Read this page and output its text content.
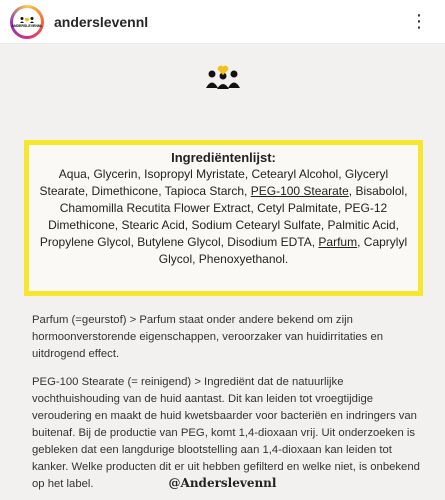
ANDERSLEVENNL anderslevennl	⋮
Ingrediëntenlijst:
Aqua, Glycerin, Isopropyl Myristate, Cetearyl Alcohol, Glyceryl Stearate, Dimethicone, Tapioca Starch, PEG-100 Stearate, Bisabolol, Chamomilla Recutita Flower Extract, Cetyl Palmitate, PEG-12 Dimethicone, Stearic Acid, Sodium Cetearyl Sulfate, Palmitic Acid, Propylene Glycol, Butylene Glycol, Disodium EDTA, Parfum, Caprylyl Glycol, Phenoxyethanol.
Parfum (=geurstof) > Parfum staat onder andere bekend om zijn hormoonverstorende eigenschappen, veroorzaker van huidirritaties en uitdrogend effect.
PEG-100 Stearate (= reinigend) > Ingrediënt dat de natuurlijke vochthuishouding van de huid aantast. Dit kan leiden tot vroegtijdige veroudering en maakt de huid kwetsbaarder voor bacteriën en indringers van buitenaf. Bij de productie van PEG, komt 1,4-dioxaan vrij. Uit onderzoeken is gebleken dat een langdurige blootstelling aan 1,4-dioxaan kan leiden tot kanker. Welke producten dit er uit hebben gefilterd en welke niet, is onbekend op het label.	@Anderslevennl
